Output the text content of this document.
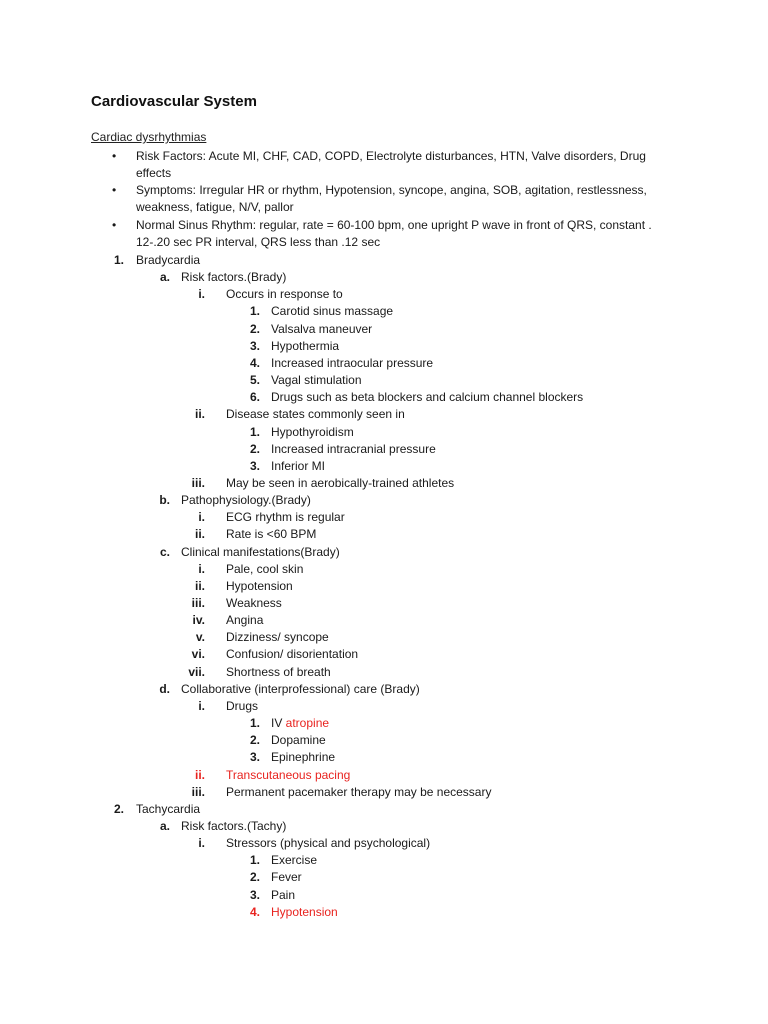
Cardiovascular System
Cardiac dysrhythmias
• Risk Factors: Acute MI, CHF, CAD, COPD, Electrolyte disturbances, HTN, Valve disorders, Drug effects
• Symptoms: Irregular HR or rhythm, Hypotension, syncope, angina, SOB, agitation, restlessness, weakness, fatigue, N/V, pallor
• Normal Sinus Rhythm: regular, rate = 60-100 bpm, one upright P wave in front of QRS, constant . 12-.20 sec PR interval, QRS less than .12 sec
1. Bradycardia
a. Risk factors.(Brady)
i. Occurs in response to
1. Carotid sinus massage
2. Valsalva maneuver
3. Hypothermia
4. Increased intraocular pressure
5. Vagal stimulation
6. Drugs such as beta blockers and calcium channel blockers
ii. Disease states commonly seen in
1. Hypothyroidism
2. Increased intracranial pressure
3. Inferior MI
iii. May be seen in aerobically-trained athletes
b. Pathophysiology.(Brady)
i. ECG rhythm is regular
ii. Rate is <60 BPM
c. Clinical manifestations(Brady)
i. Pale, cool skin
ii. Hypotension
iii. Weakness
iv. Angina
v. Dizziness/ syncope
vi. Confusion/ disorientation
vii. Shortness of breath
d. Collaborative (interprofessional) care (Brady)
i. Drugs
1. IV atropine
2. Dopamine
3. Epinephrine
ii. Transcutaneous pacing
iii. Permanent pacemaker therapy may be necessary
2. Tachycardia
a. Risk factors.(Tachy)
i. Stressors (physical and psychological)
1. Exercise
2. Fever
3. Pain
4. Hypotension
